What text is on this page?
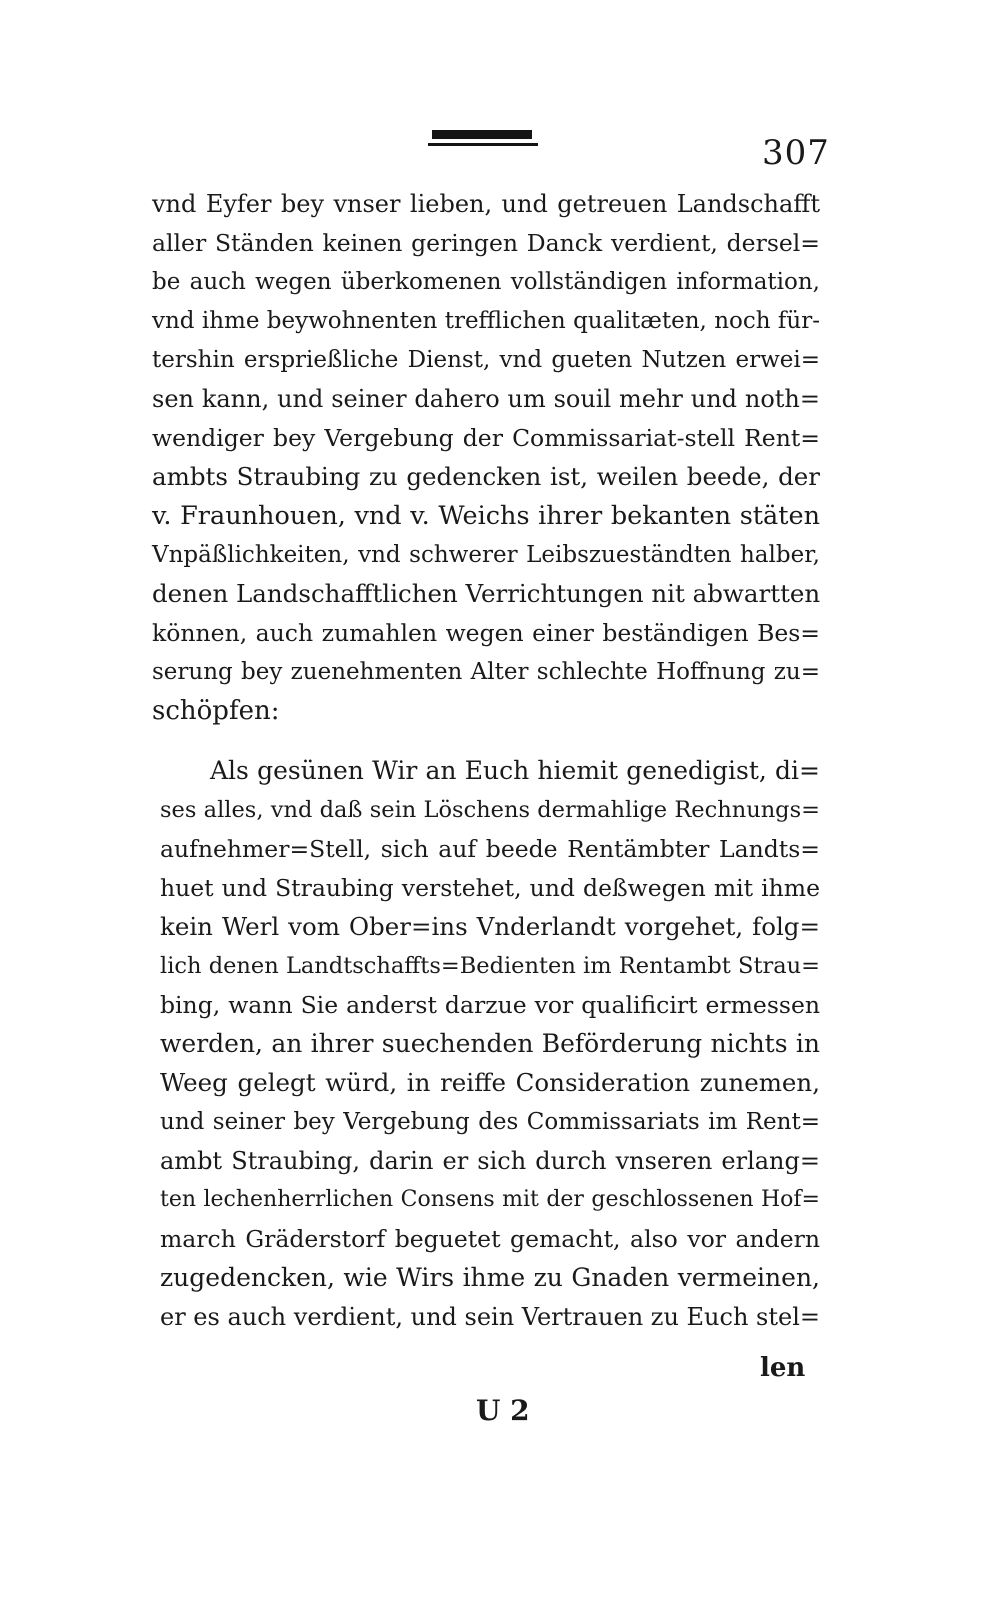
307
vnd Eyfer bey vnser lieben, und getreuen Landschafft
aller Ständen keinen geringen Danck verdient, dersel=
be auch wegen überkomenen vollständigen information,
vnd ihme beywohnenten trefflichen qualitæten, noch für-
tershin ersprießliche Dienst, vnd gueten Nutzen erwei=
sen kann, und seiner dahero um souil mehr und noth=
wendiger bey Vergebung der Commissariat-stell Rent=
ambts Straubing zu gedencken ist, weilen beede, der
v. Fraunhouen, vnd v. Weichs ihrer bekanten stäten
Vnpäßlichkeiten, vnd schwerer Leibszueständten halber,
denen Landschafftlichen Verrichtungen nit abwartten
können, auch zumahlen wegen einer beständigen Bes=
serung bey zuenehmenten Alter schlechte Hoffnung zu=
schöpfen:
Als gesünen Wir an Euch hiemit genedigist, di=
ses alles, vnd daß sein Löschens dermahlige Rechnungs=
aufnehmer=Stell, sich auf beede Rentämbter Landts=
huet und Straubing verstehet, und deßwegen mit ihme
kein Werl vom Ober=ins Vnderlandt vorgehet, folg=
lich denen Landtschaffts=Bedienten im Rentambt Strau=
bing, wann Sie anderst darzue vor qualificirt ermessen
werden, an ihrer suechenden Beförderung nichts in
Weeg gelegt würd, in reiffe Consideration zunemen,
und seiner bey Vergebung des Commissariats im Rent=
ambt Straubing, darin er sich durch vnseren erlang=
ten lechenherrlichen Consens mit der geschlossenen Hof=
march Gräderstorf beguetet gemacht, also vor andern
zugedencken, wie Wirs ihme zu Gnaden vermeinen,
er es auch verdient, und sein Vertrauen zu Euch stel=
len
U 2
